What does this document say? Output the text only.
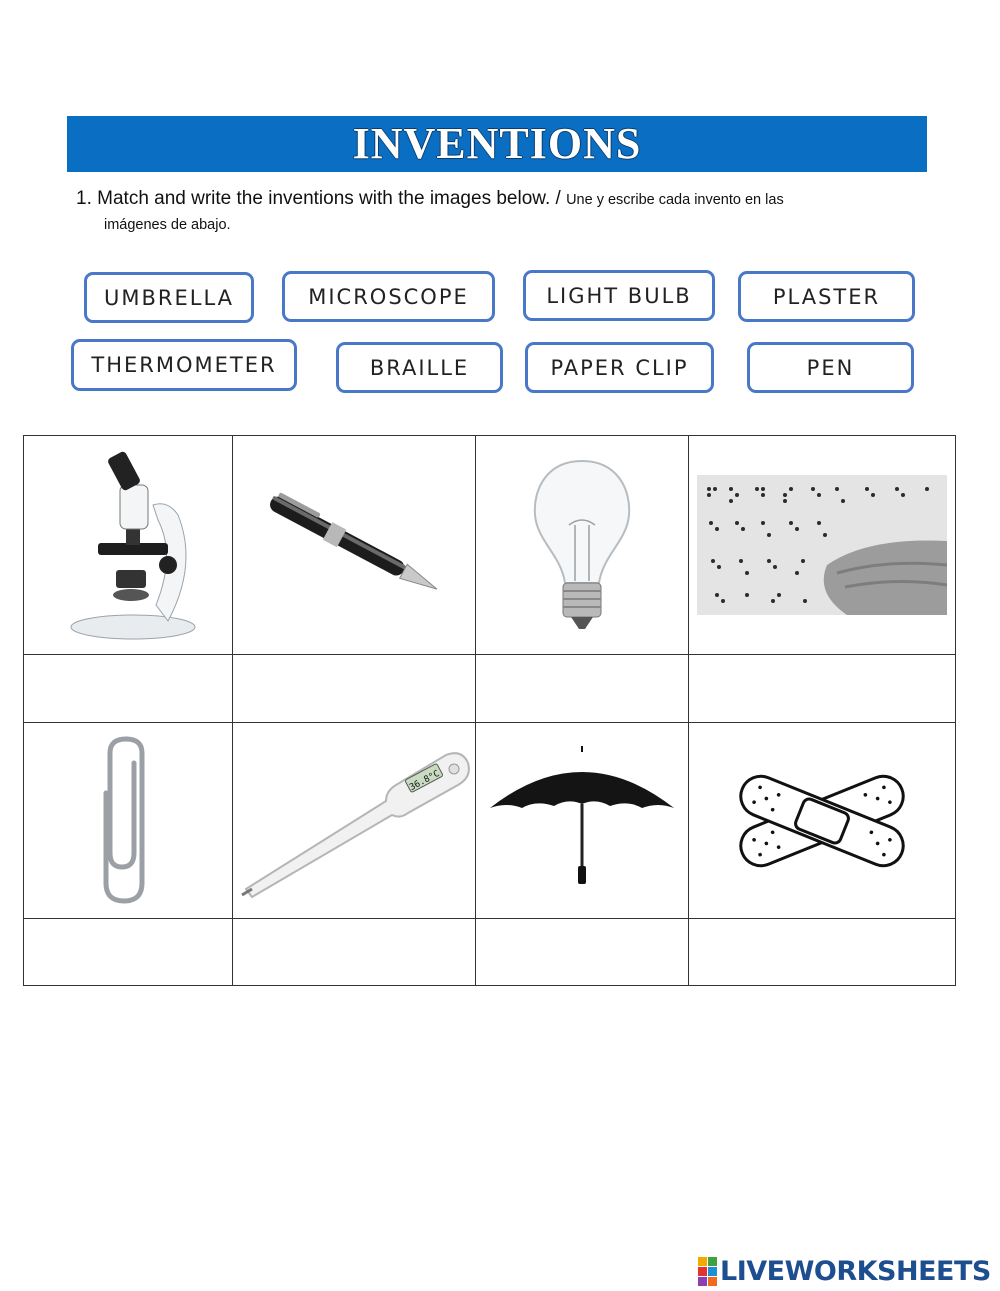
INVENTIONS
1. Match and write the inventions with the images below. / Une y escribe cada invento en las
imágenes de abajo.
UMBRELLA	MICROSCOPE	LIGHT BULB	PLASTER
THERMOMETER	BRAILLE	PAPER CLIP	PEN

36.8°C

LIVEWORKSHEETS
